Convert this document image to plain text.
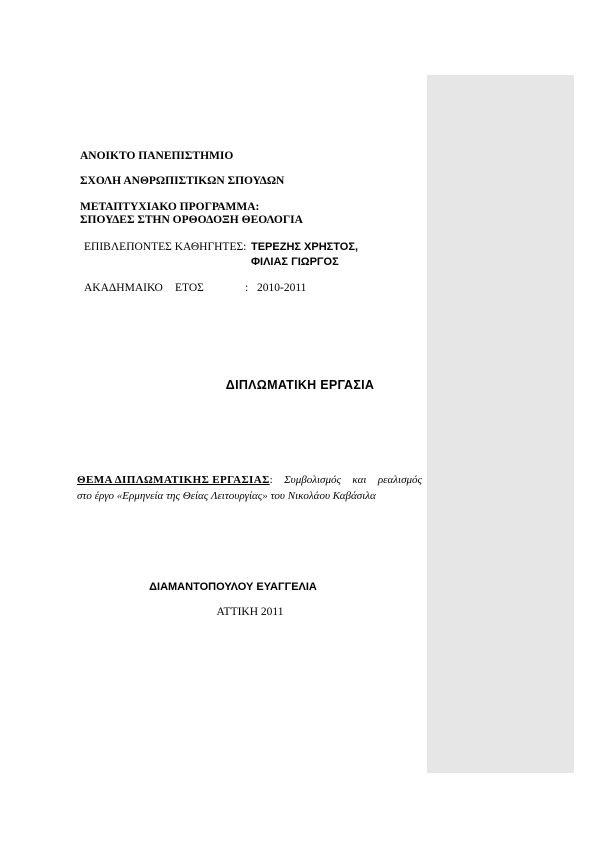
ΑΝΟΙΚΤΟ ΠΑΝΕΠΙΣΤΗΜΙΟ
ΣΧΟΛΗ ΑΝΘΡΩΠΙΣΤΙΚΩΝ ΣΠΟΥΔΩΝ
ΜΕΤΑΠΤΥΧΙΑΚΟ ΠΡΟΓΡΑΜΜΑ:
ΣΠΟΥΔΕΣ ΣΤΗΝ ΟΡΘΟΔΟΞΗ ΘΕΟΛΟΓΙΑ
ΕΠΙΒΛΕΠΟΝΤΕΣ ΚΑΘΗΓΗΤΕΣ: ΤΕΡΕΖΗΣ ΧΡΗΣΤΟΣ,
ΦΙΛΙΑΣ ΓΙΩΡΓΟΣ
ΑΚΑΔΗΜΑΙΚΟ ΕΤΟΣ	: 2010-2011
ΔΙΠΛΩΜΑΤΙΚΗ ΕΡΓΑΣΙΑ
ΘΕΜΑ ΔΙΠΛΩΜΑΤΙΚΗΣ ΕΡΓΑΣΙΑΣ: Συμβολισμός και ρεαλισμός
στο έργο «Ερμηνεία της Θείας Λειτουργίας» του Νικολάου Καβάσιλα
ΔΙΑΜΑΝΤΟΠΟΥΛΟΥ ΕΥΑΓΓΕΛΙΑ
ΑΤΤΙΚΗ 2011
